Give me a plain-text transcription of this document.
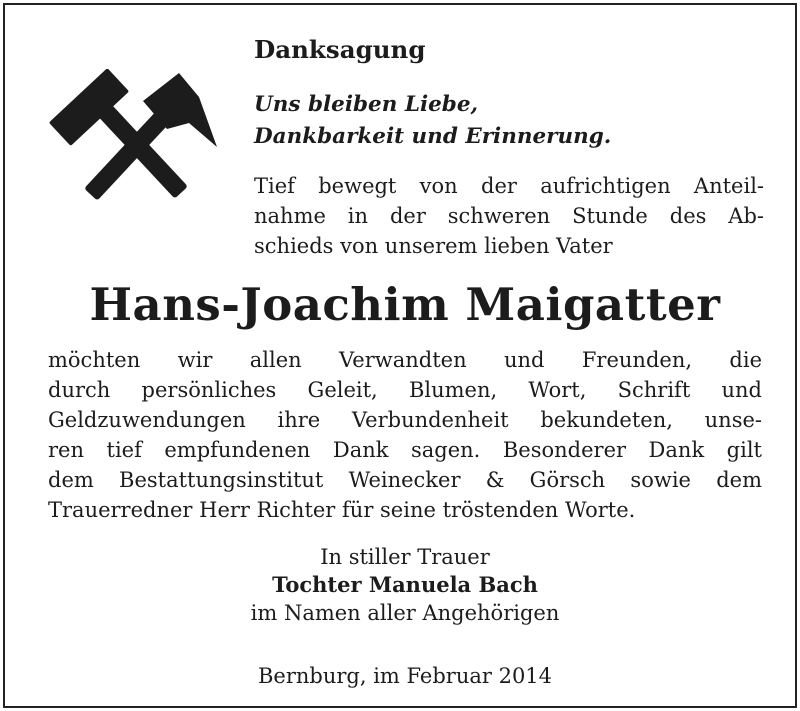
Danksagung
Uns bleiben Liebe,
Dankbarkeit und Erinnerung.
Tief bewegt von der aufrichtigen Anteil-
nahme in der schweren Stunde des Ab-
schieds von unserem lieben Vater
Hans-Joachim Maigatter
möchten wir allen Verwandten und Freunden, die
durch persönliches Geleit, Blumen, Wort, Schrift und
Geldzuwendungen ihre Verbundenheit bekundeten, unse-
ren tief empfundenen Dank sagen. Besonderer Dank gilt
dem Bestattungsinstitut Weinecker & Görsch sowie dem
Trauerredner Herr Richter für seine tröstenden Worte.
In stiller Trauer
Tochter Manuela Bach
im Namen aller Angehörigen
Bernburg, im Februar 2014
